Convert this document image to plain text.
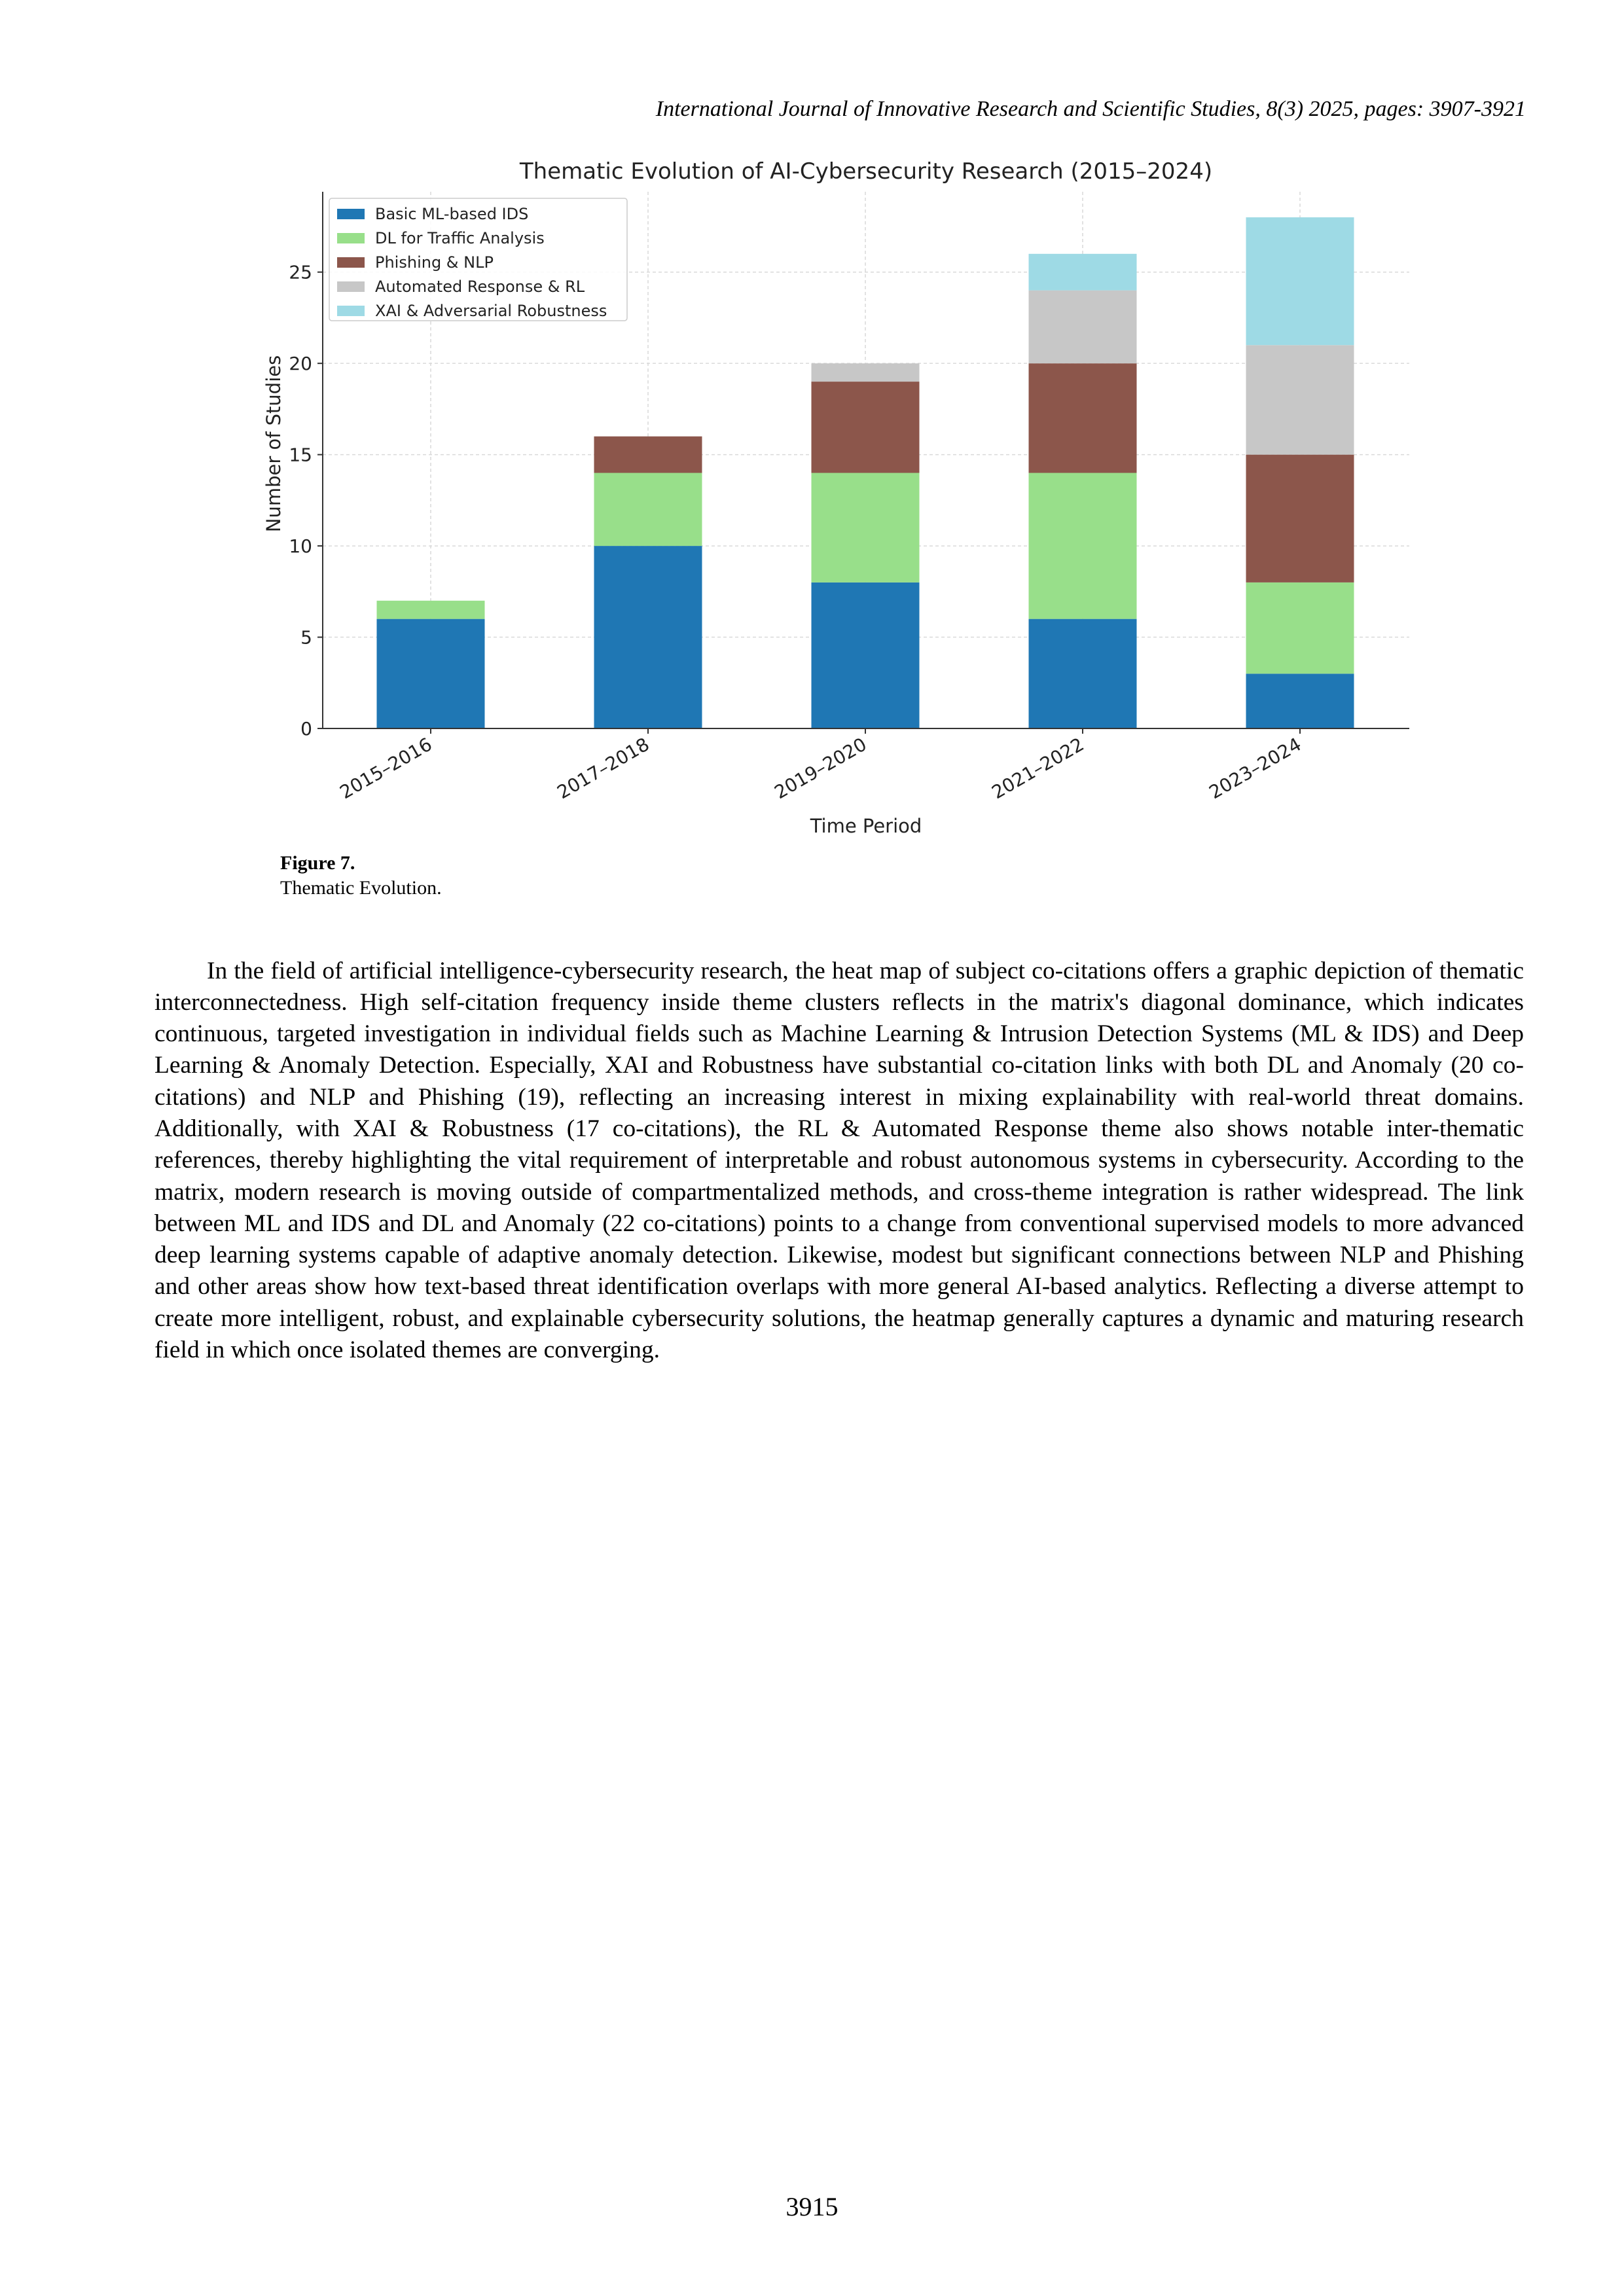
International Journal of Innovative Research and Scientific Studies, 8(3) 2025, pages: 3907-3921
0
5
10
15
20
25
2015–2016	2017–2018	2019–2020	2021–2022	2023–2024
Basic ML-based IDS
DL for Traffic Analysis
Phishing & NLP
Automated Response & RL
XAI & Adversarial Robustness
Thematic Evolution of AI-Cybersecurity Research (2015–2024)
Time Period
Number of Studies
Figure 7.
Thematic Evolution.

In the field of artificial intelligence-cybersecurity research, the heat map of subject co-citations offers a graphic depiction of thematic interconnectedness. High self-citation frequency inside theme clusters reflects in the matrix's diagonal dominance, which indicates continuous, targeted investigation in individual fields such as Machine Learning & Intrusion Detection Systems (ML & IDS) and Deep Learning & Anomaly Detection. Especially, XAI and Robustness have substantial co-citation links with both DL and Anomaly (20 co-citations) and NLP and Phishing (19), reflecting an increasing interest in mixing explainability with real-world threat domains. Additionally, with XAI & Robustness (17 co-citations), the RL & Automated Response theme also shows notable inter-thematic references, thereby highlighting the vital requirement of interpretable and robust autonomous systems in cybersecurity. According to the matrix, modern research is moving outside of compartmentalized methods, and cross-theme integration is rather widespread. The link between ML and IDS and DL and Anomaly (22 co-citations) points to a change from conventional supervised models to more advanced deep learning systems capable of adaptive anomaly detection. Likewise, modest but significant connections between NLP and Phishing and other areas show how text-based threat identification overlaps with more general AI-based analytics. Reflecting a diverse attempt to create more intelligent, robust, and explainable cybersecurity solutions, the heatmap generally captures a dynamic and maturing research field in which once isolated themes are converging.

3915
